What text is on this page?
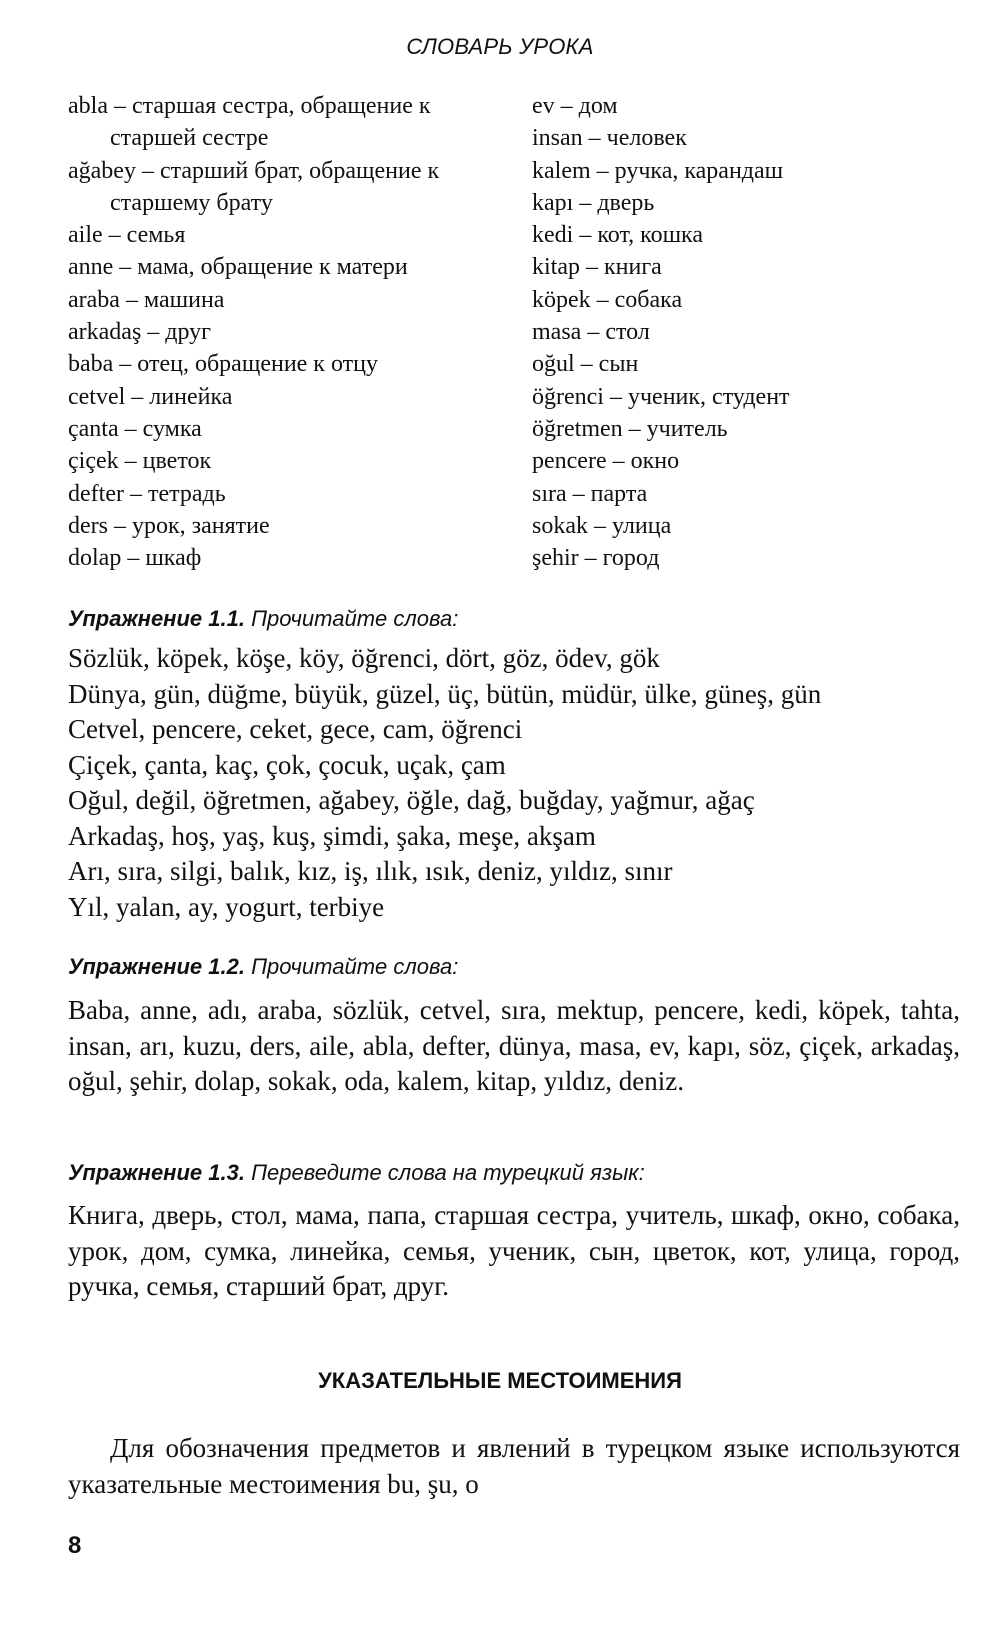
СЛОВАРЬ УРОКА
abla – старшая сестра, обращение к старшей сестре
ağabey – старший брат, обращение к старшему брату
aile – семья
anne – мама, обращение к матери
araba – машина
arkadaş – друг
baba – отец, обращение к отцу
cetvel – линейка
çanta – сумка
çiçek – цветок
defter – тетрадь
ders – урок, занятие
dolap – шкаф
ev – дом
insan – человек
kalem – ручка, карандаш
kapı – дверь
kedi – кот, кошка
kitap – книга
köpek – собака
masa – стол
oğul – сын
öğrenci – ученик, студент
öğretmen – учитель
pencere – окно
sıra – парта
sokak – улица
şehir – город
Упражнение 1.1. Прочитайте слова:
Sözlük, köpek, köşe, köy, öğrenci, dört, göz, ödev, gök
Dünya, gün, düğme, büyük, güzel, üç, bütün, müdür, ülke, güneş, gün
Cetvel, pencere, ceket, gece, cam, öğrenci
Çiçek, çanta, kaç, çok, çocuk, uçak, çam
Oğul, değil, öğretmen, ağabey, öğle, dağ, buğday, yağmur, ağaç
Arkadaş, hoş, yaş, kuş, şimdi, şaka, meşe, akşam
Arı, sıra, silgi, balık, kız, iş, ılık, ısık, deniz, yıldız, sınır
Yıl, yalan, ay, yogurt, terbiye
Упражнение 1.2. Прочитайте слова:
Baba, anne, adı, araba, sözlük, cetvel, sıra, mektup, pencere, kedi, köpek, tahta, insan, arı, kuzu, ders, aile, abla, defter, dünya, masa, ev, kapı, söz, çiçek, arkadaş, oğul, şehir, dolap, sokak, oda, kalem, kitap, yıldız, deniz.
Упражнение 1.3. Переведите слова на турецкий язык:
Книга, дверь, стол, мама, папа, старшая сестра, учитель, шкаф, окно, собака, урок, дом, сумка, линейка, семья, ученик, сын, цветок, кот, улица, город, ручка, семья, старший брат, друг.
УКАЗАТЕЛЬНЫЕ МЕСТОИМЕНИЯ
Для обозначения предметов и явлений в турецком языке используются указательные местоимения bu, şu, o
8
